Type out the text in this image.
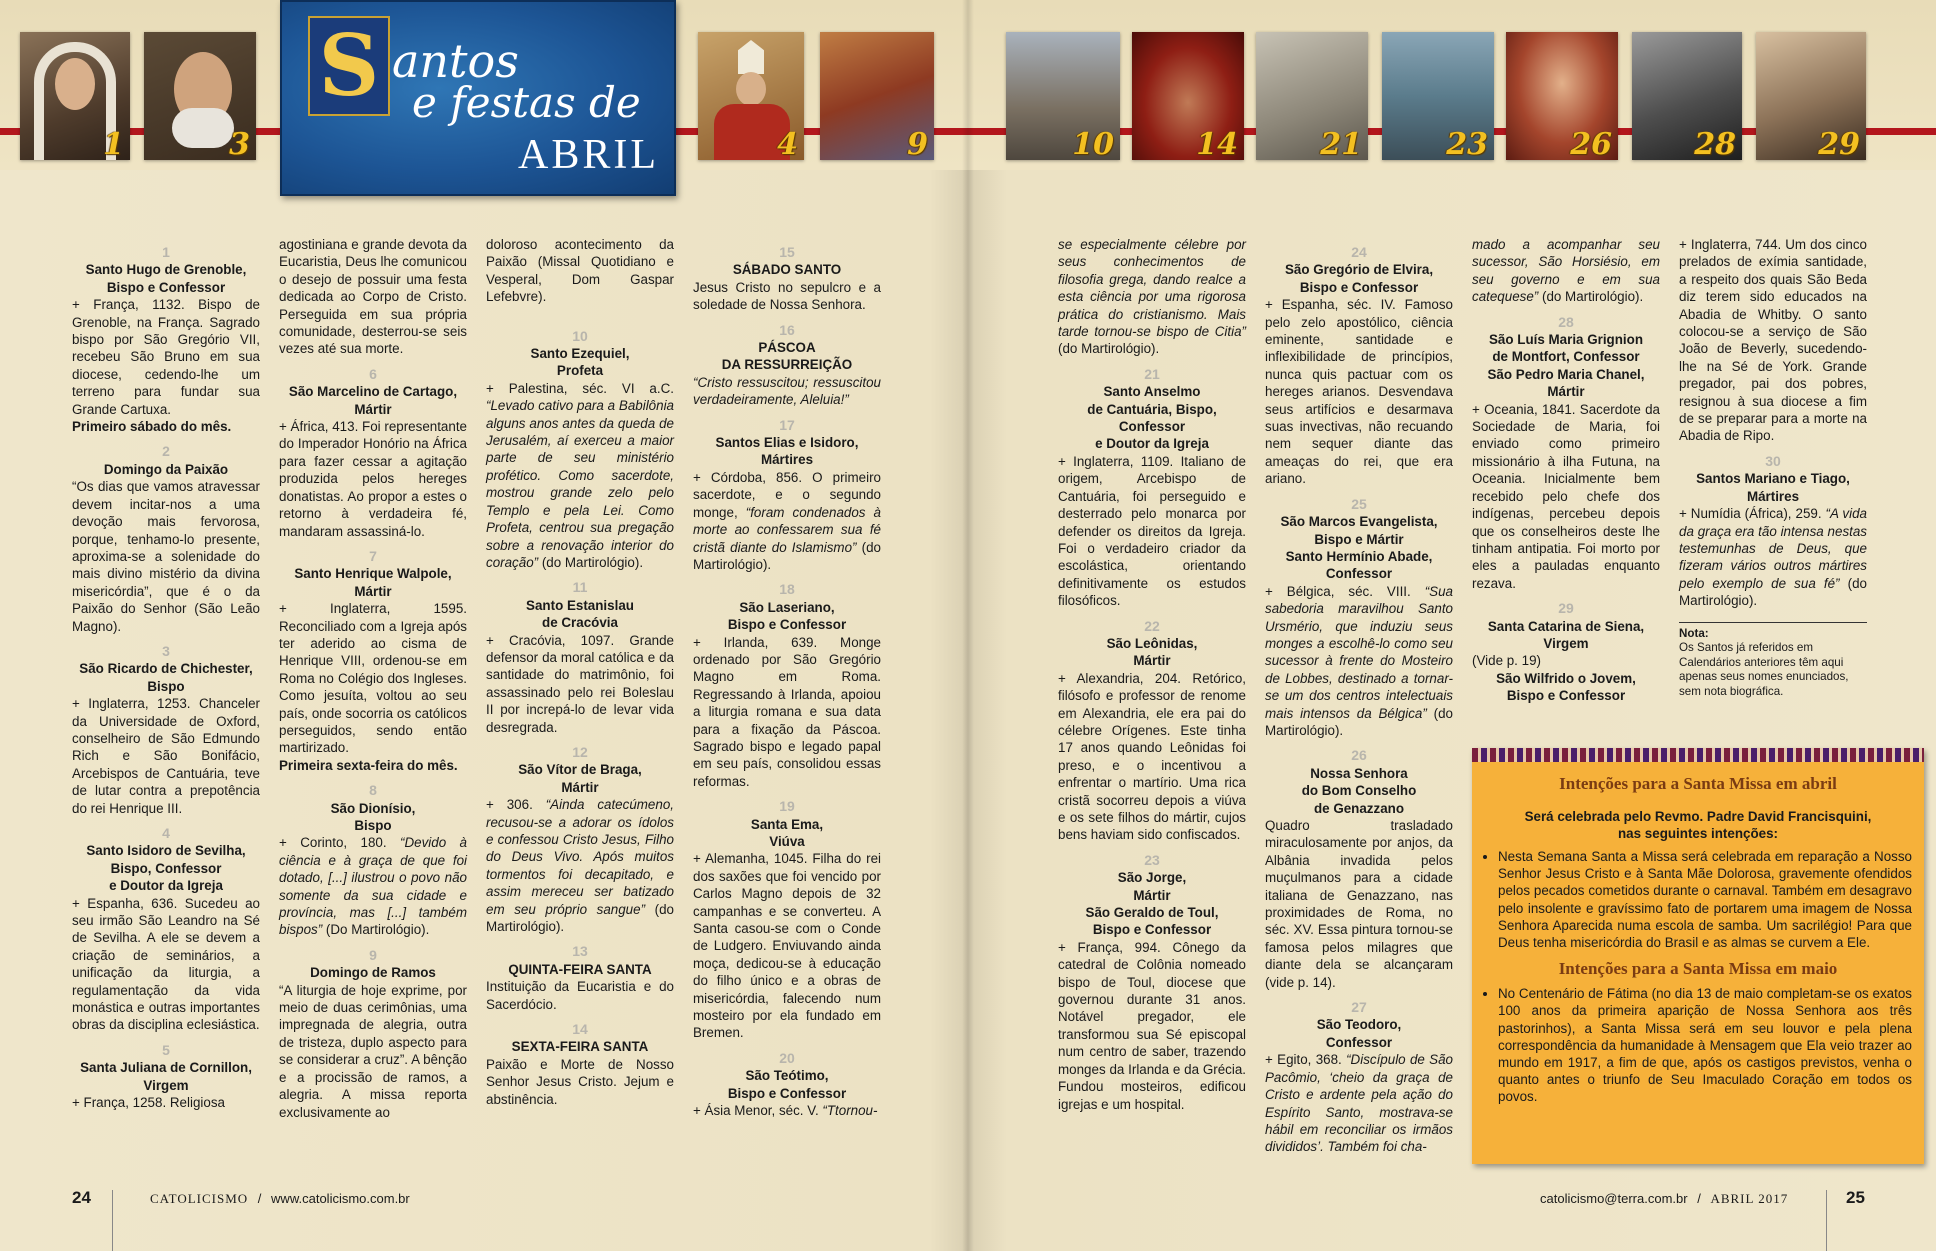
1	3	4	9	10	14	21	23	26	28	29
S antos
e festas de
ABRIL
1
Santo Hugo de Grenoble,
Bispo e Confessor

+ França, 1132. Bispo de Grenoble, na França. Sagrado bispo por São Gregório VII, recebeu São Bruno em sua diocese, cedendo-lhe um terreno para fundar sua Grande Cartuxa.

Primeiro sábado do mês.

2
Domingo da Paixão

“Os dias que vamos atravessar devem incitar-nos a uma devoção mais fervorosa, porque, tenhamo-lo presente, aproxima-se a solenidade do mais divino mistério da divina misericórdia”, que é o da Paixão do Senhor (São Leão Magno).

3
São Ricardo de Chichester,
Bispo

+ Inglaterra, 1253. Chanceler da Universidade de Oxford, conselheiro de São Edmundo Rich e São Bonifácio, Arcebispos de Cantuária, teve de lutar contra a prepotência do rei Henrique III.

4
Santo Isidoro de Sevilha,
Bispo, Confessor
e Doutor da Igreja

+ Espanha, 636. Sucedeu ao seu irmão São Leandro na Sé de Sevilha. A ele se devem a criação de seminários, a unificação da liturgia, a regulamentação da vida monástica e outras importantes obras da disciplina eclesiástica.

5
Santa Juliana de Cornillon,
Virgem

+ França, 1258. Religiosa

agostiniana e grande devota da Eucaristia, Deus lhe comunicou o desejo de possuir uma festa dedicada ao Corpo de Cristo. Perseguida em sua própria comunidade, desterrou-se seis vezes até sua morte.

6
São Marcelino de Cartago,
Mártir

+ África, 413. Foi representante do Imperador Honório na África para fazer cessar a agitação produzida pelos hereges donatistas. Ao propor a estes o retorno à verdadeira fé, mandaram assassiná-lo.

7
Santo Henrique Walpole,
Mártir

+ Inglaterra, 1595. Reconciliado com a Igreja após ter aderido ao cisma de Henrique VIII, ordenou-se em Roma no Colégio dos Ingleses. Como jesuíta, voltou ao seu país, onde socorria os católicos perseguidos, sendo então martirizado.

Primeira sexta-feira do mês.

8
São Dionísio,
Bispo

+ Corinto, 180. “Devido à ciência e à graça de que foi dotado, [...] ilustrou o povo não somente da sua cidade e província, mas [...] também bispos” (Do Martirológio).

9
Domingo de Ramos

“A liturgia de hoje exprime, por meio de duas cerimônias, uma impregnada de alegria, outra de tristeza, duplo aspecto para se considerar a cruz”. A bênção e a procissão de ramos, a alegria. A missa reporta exclusivamente ao

doloroso acontecimento da Paixão (Missal Quotidiano e Vesperal, Dom Gaspar Lefebvre).

10
Santo Ezequiel,
Profeta

+ Palestina, séc. VI a.C. “Levado cativo para a Babilônia alguns anos antes da queda de Jerusalém, aí exerceu a maior parte de seu ministério profético. Como sacerdote, mostrou grande zelo pelo Templo e pela Lei. Como Profeta, centrou sua pregação sobre a renovação interior do coração” (do Martirológio).

11
Santo Estanislau
de Cracóvia

+ Cracóvia, 1097. Grande defensor da moral católica e da santidade do matrimônio, foi assassinado pelo rei Boleslau II por increpá-lo de levar vida desregrada.

12
São Vítor de Braga,
Mártir

+ 306. “Ainda catecúmeno, recusou-se a adorar os ídolos e confessou Cristo Jesus, Filho do Deus Vivo. Após muitos tormentos foi decapitado, e assim mereceu ser batizado em seu próprio sangue” (do Martirológio).

13
QUINTA-FEIRA SANTA

Instituição da Eucaristia e do Sacerdócio.

14
SEXTA-FEIRA SANTA

Paixão e Morte de Nosso Senhor Jesus Cristo. Jejum e abstinência.

15
SÁBADO SANTO

Jesus Cristo no sepulcro e a soledade de Nossa Senhora.

16
PÁSCOA
DA RESSURREIÇÃO

“Cristo ressuscitou; ressuscitou verdadeiramente, Aleluia!”

17
Santos Elias e Isidoro,
Mártires

+ Córdoba, 856. O primeiro sacerdote, e o segundo monge, “foram condenados à morte ao confessarem sua fé cristã diante do Islamismo” (do Martirológio).

18
São Laseriano,
Bispo e Confessor

+ Irlanda, 639. Monge ordenado por São Gregório Magno em Roma. Regressando à Irlanda, apoiou a liturgia romana e sua data para a fixação da Páscoa. Sagrado bispo e legado papal em seu país, consolidou essas reformas.

19
Santa Ema,
Viúva

+ Alemanha, 1045. Filha do rei dos saxões que foi vencido por Carlos Magno depois de 32 campanhas e se converteu. A Santa casou-se com o Conde de Ludgero. Enviuvando ainda moça, dedicou-se à educação do filho único e a obras de misericórdia, falecendo num mosteiro por ela fundado em Bremen.

20
São Teótimo,
Bispo e Confessor

+ Ásia Menor, séc. V. “Ttornou-

se especialmente célebre por seus conhecimentos de filosofia grega, dando realce a esta ciência por uma rigorosa prática do cristianismo. Mais tarde tornou-se bispo de Citia” (do Martirológio).

21
Santo Anselmo
de Cantuária, Bispo,
Confessor
e Doutor da Igreja

+ Inglaterra, 1109. Italiano de origem, Arcebispo de Cantuária, foi perseguido e desterrado pelo monarca por defender os direitos da Igreja. Foi o verdadeiro criador da escolástica, orientando definitivamente os estudos filosóficos.

22
São Leônidas,
Mártir

+ Alexandria, 204. Retórico, filósofo e professor de renome em Alexandria, ele era pai do célebre Orígenes. Este tinha 17 anos quando Leônidas foi preso, e o incentivou a enfrentar o martírio. Uma rica cristã socorreu depois a viúva e os sete filhos do mártir, cujos bens haviam sido confiscados.

23
São Jorge,
Mártir
São Geraldo de Toul,
Bispo e Confessor

+ França, 994. Cônego da catedral de Colônia nomeado bispo de Toul, diocese que governou durante 31 anos. Notável pregador, ele transformou sua Sé episcopal num centro de saber, trazendo monges da Irlanda e da Grécia. Fundou mosteiros, edificou igrejas e um hospital.

24
São Gregório de Elvira,
Bispo e Confessor

+ Espanha, séc. IV. Famoso pelo zelo apostólico, ciência eminente, santidade e inflexibilidade de princípios, nunca quis pactuar com os hereges arianos. Desvendava seus artifícios e desarmava suas invectivas, não recuando nem sequer diante das ameaças do rei, que era ariano.

25
São Marcos Evangelista,
Bispo e Mártir
Santo Hermínio Abade,
Confessor

+ Bélgica, séc. VIII. “Sua sabedoria maravilhou Santo Ursmério, que induziu seus monges a escolhê-lo como seu sucessor à frente do Mosteiro de Lobbes, destinado a tornar-se um dos centros intelectuais mais intensos da Bélgica” (do Martirológio).

26
Nossa Senhora
do Bom Conselho
de Genazzano

Quadro trasladado miraculosamente por anjos, da Albânia invadida pelos muçulmanos para a cidade italiana de Genazzano, nas proximidades de Roma, no séc. XV. Essa pintura tornou-se famosa pelos milagres que diante dela se alcançaram (vide p. 14).

27
São Teodoro,
Confessor

+ Egito, 368. “Discípulo de São Pacômio, ‘cheio da graça de Cristo e ardente pela ação do Espírito Santo, mostrava-se hábil em reconciliar os irmãos divididos’. Também foi cha-

mado a acompanhar seu sucessor, São Horsiésio, em seu governo e em sua catequese” (do Martirológio).

28
São Luís Maria Grignion
de Montfort, Confessor
São Pedro Maria Chanel,
Mártir

+ Oceania, 1841. Sacerdote da Sociedade de Maria, foi enviado como primeiro missionário à ilha Futuna, na Oceania. Inicialmente bem recebido pelo chefe dos indígenas, percebeu depois que os conselheiros deste lhe tinham antipatia. Foi morto por eles a pauladas enquanto rezava.

29
Santa Catarina de Siena,
Virgem

(Vide p. 19)

São Wilfrido o Jovem,
Bispo e Confessor

+ Inglaterra, 744. Um dos cinco prelados de exímia santidade, a respeito dos quais São Beda diz terem sido educados na Abadia de Whitby. O santo colocou-se a serviço de São João de Beverly, sucedendo-lhe na Sé de York. Grande pregador, pai dos pobres, resignou à sua diocese a fim de se preparar para a morte na Abadia de Ripo.

30
Santos Mariano e Tiago,
Mártires

+ Numídia (África), 259. “A vida da graça era tão intensa nestas testemunhas de Deus, que fizeram vários outros mártires pelo exemplo de sua fé” (do Martirológio).

Nota:
Os Santos já referidos em Calendários anteriores têm aqui apenas seus nomes enunciados, sem nota biográfica.
Intenções para a Santa Missa em abril
Será celebrada pelo Revmo. Padre David Francisquini,
nas seguintes intenções:
• Nesta Semana Santa a Missa será celebrada em reparação a Nosso Senhor Jesus Cristo e à Santa Mãe Dolorosa, gravemente ofendidos pelos pecados cometidos durante o carnaval. Também em desagravo pelo insolente e gravíssimo fato de portarem uma imagem de Nossa Senhora Aparecida numa escola de samba. Um sacrilégio! Para que Deus tenha misericórdia do Brasil e as almas se curvem a Ele.
Intenções para a Santa Missa em maio
• No Centenário de Fátima (no dia 13 de maio completam-se os exatos 100 anos da primeira aparição de Nossa Senhora aos três pastorinhos), a Santa Missa será em seu louvor e pela plena correspondência da humanidade à Mensagem que Ela veio trazer ao mundo em 1917, a fim de que, após os castigos previstos, venha o quanto antes o triunfo de Seu Imaculado Coração em todos os povos.
24	CATOLICISMO / www.catolicismo.com.br	catolicismo@terra.com.br / ABRIL 2017	25
